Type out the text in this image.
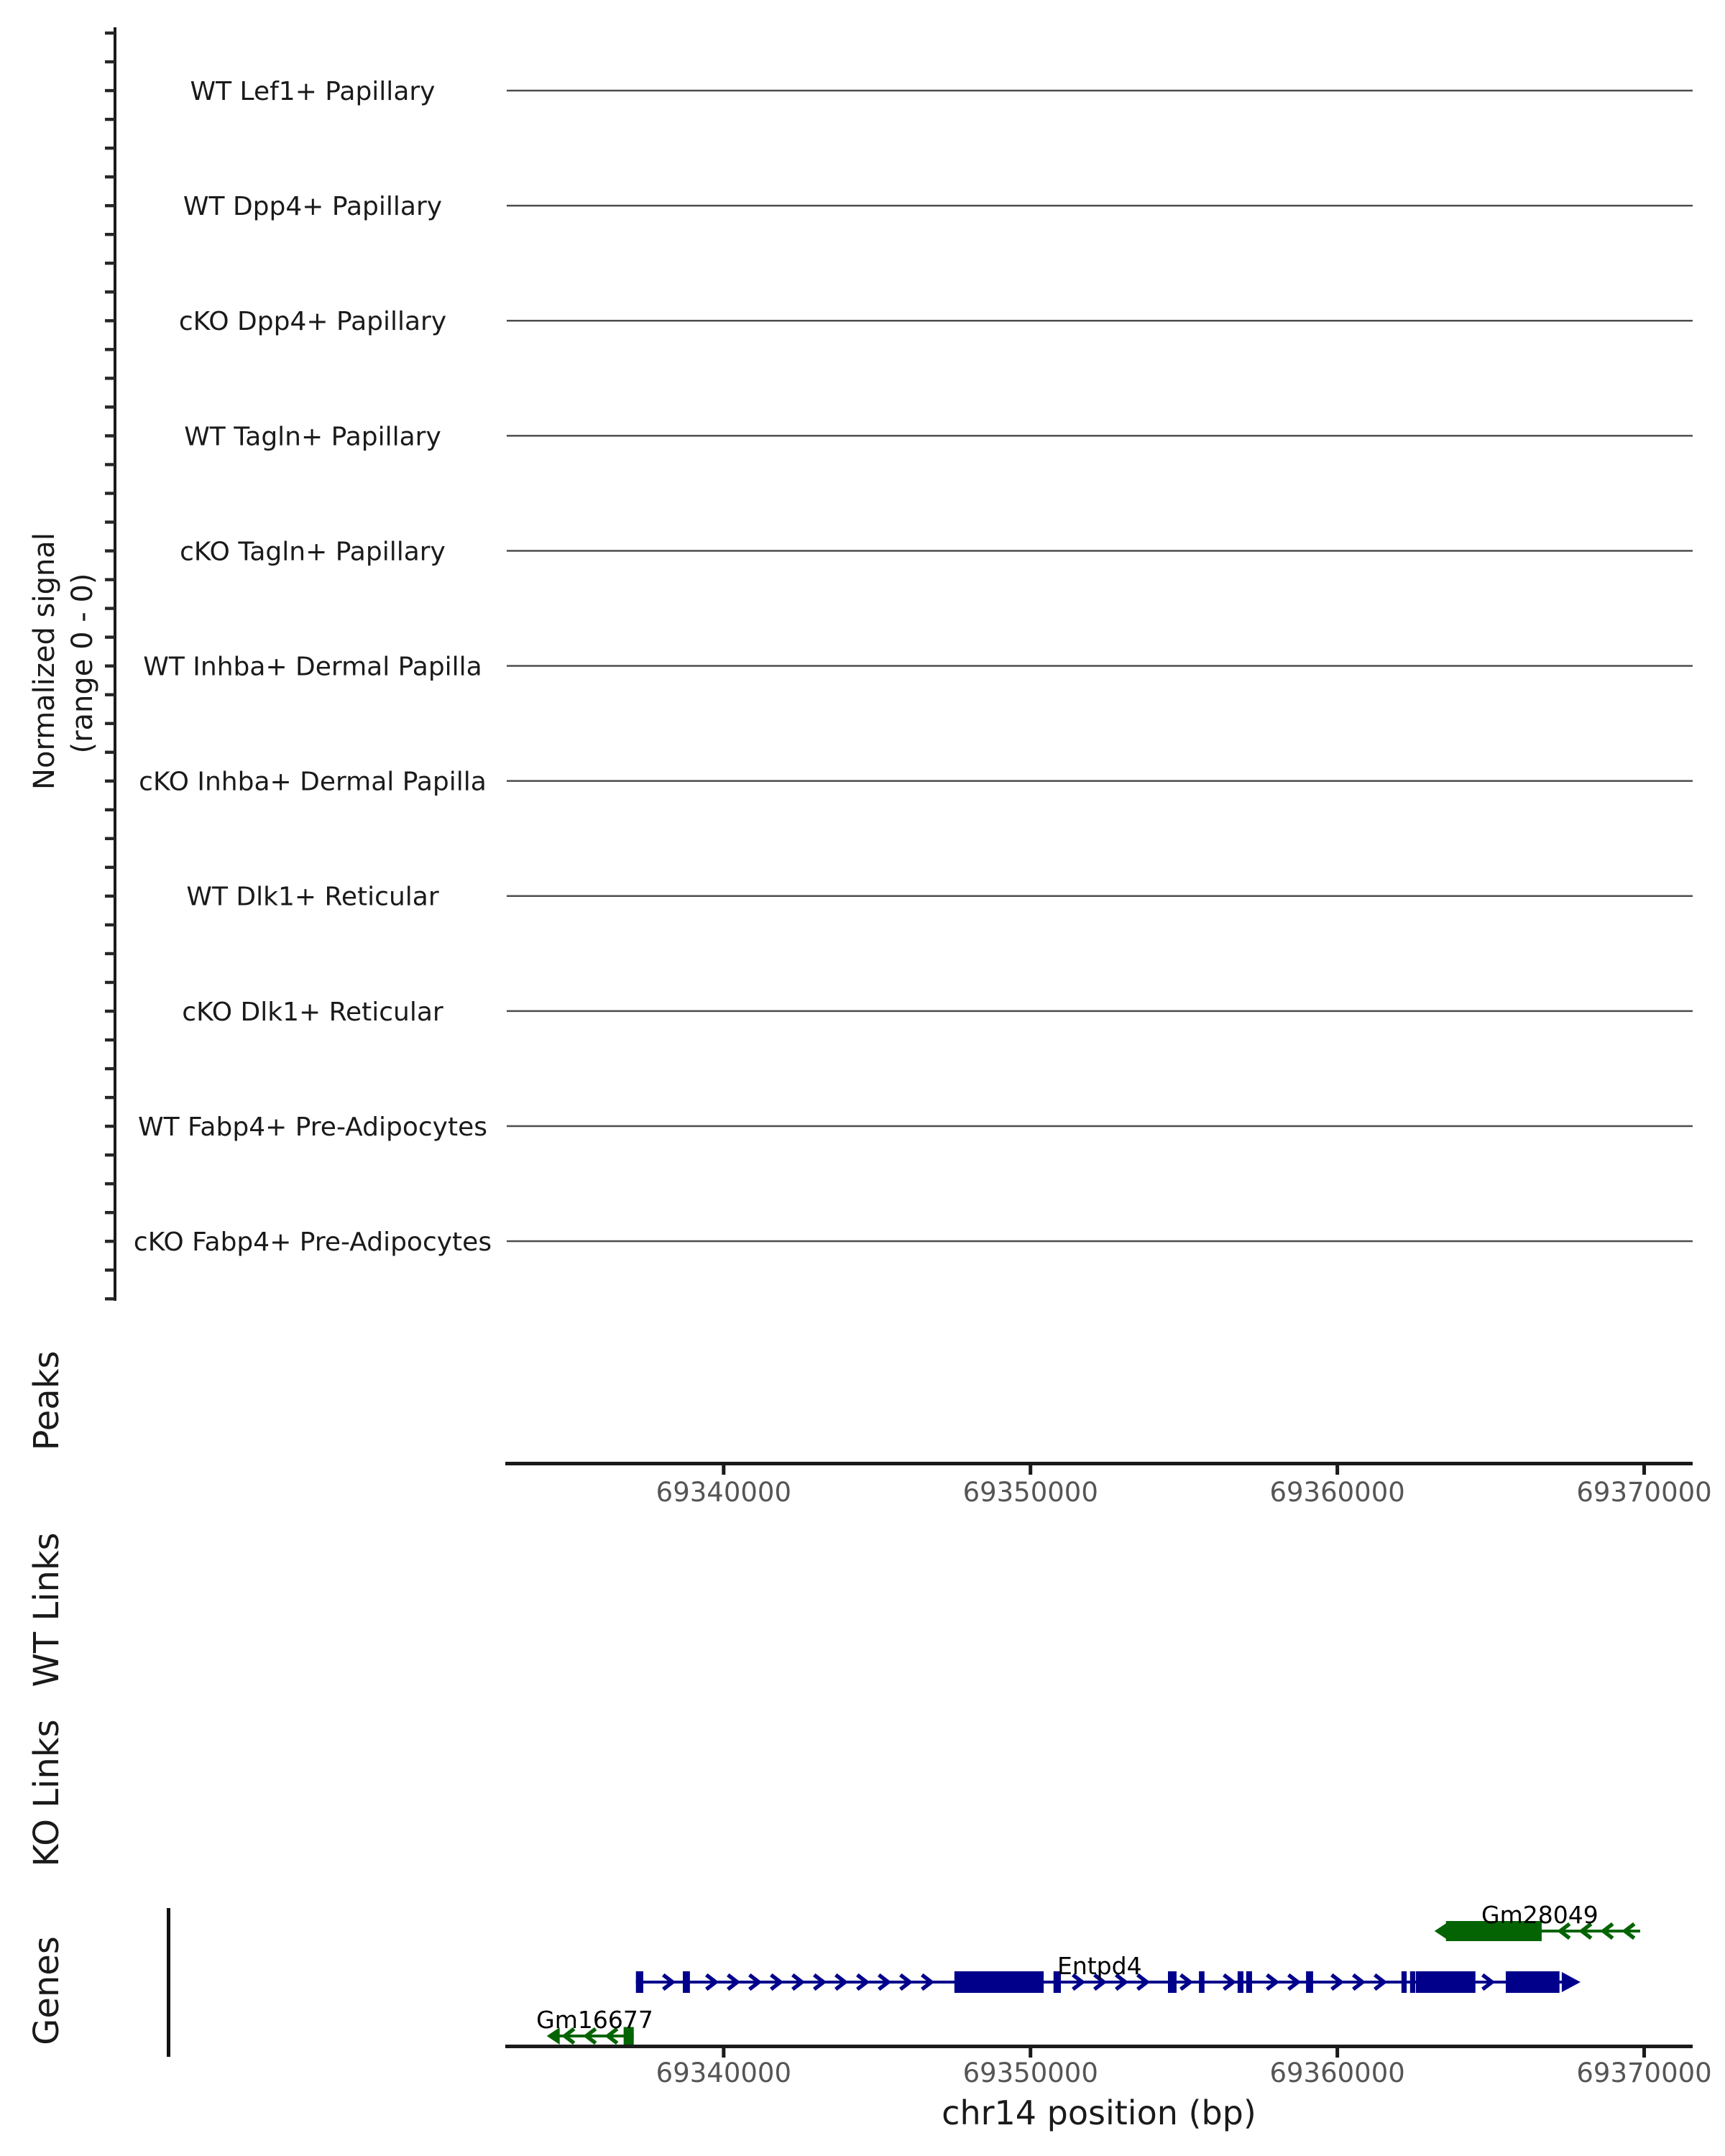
WT Lef1+ Papillary
WT Dpp4+ Papillary
cKO Dpp4+ Papillary
WT Tagln+ Papillary
cKO Tagln+ Papillary
WT Inhba+ Dermal Papilla
cKO Inhba+ Dermal Papilla
WT Dlk1+ Reticular
cKO Dlk1+ Reticular
WT Fabp4+ Pre-Adipocytes
cKO Fabp4+ Pre-Adipocytes
Normalized signal (range 0 - 0)
Peaks
WT Links
KO Links
Genes
69340000	69350000	69360000	69370000
Gm28049
Entpd4
Gm16677
69340000	69350000	69360000	69370000
chr14 position (bp)
